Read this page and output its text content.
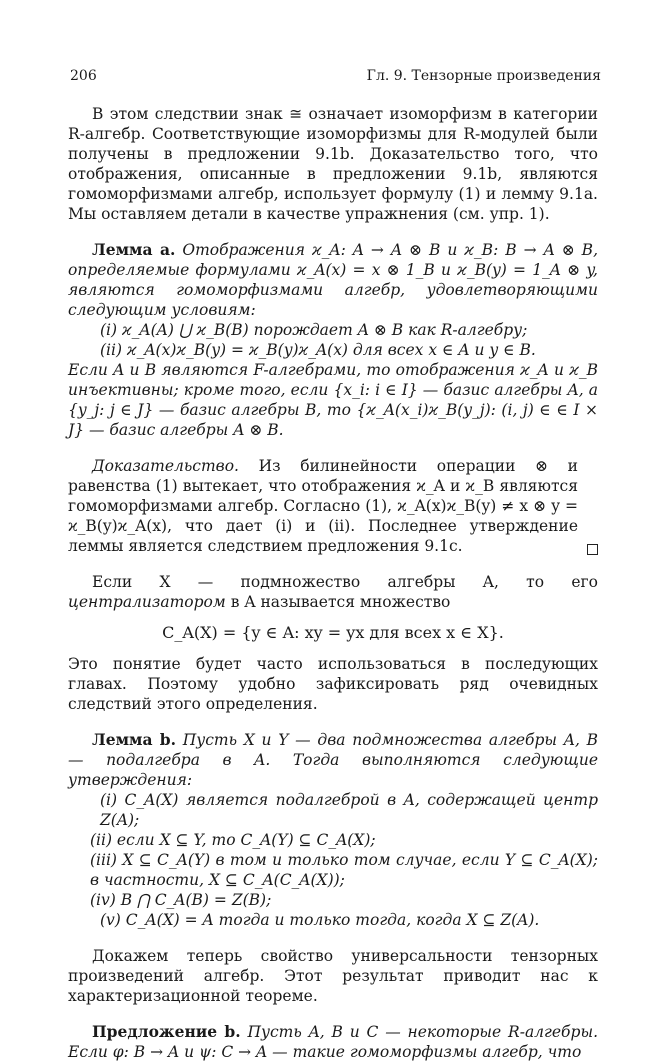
206	Гл. 9. Тензорные произведения

В этом следствии знак ≅ означает изоморфизм в категории R-алгебр. Соответствующие изоморфизмы для R-модулей были получены в предложении 9.1b. Доказательство того, что отображения, описанные в предложении 9.1b, являются гомоморфизмами алгебр, использует формулу (1) и лемму 9.1a. Мы оставляем детали в качестве упражнения (см. упр. 1).

Лемма a. Отображения ϰ_A: A → A ⊗ B и ϰ_B: B → A ⊗ B, определяемые формулами ϰ_A(x) = x ⊗ 1_B и ϰ_B(y) = 1_A ⊗ y, являются гомоморфизмами алгебр, удовлетворяющими следующим условиям:

(i) ϰ_A(A) ⋃ ϰ_B(B) порождает A ⊗ B как R-алгебру;

(ii) ϰ_A(x)ϰ_B(y) = ϰ_B(y)ϰ_A(x) для всех x ∈ A и y ∈ B.

Если A и B являются F-алгебрами, то отображения ϰ_A и ϰ_B инъективны; кроме того, если {x_i: i ∈ I} — базис алгебры A, а {y_j: j ∈ J} — базис алгебры B, то {ϰ_A(x_i)ϰ_B(y_j): (i, j) ∈ ∈ I × J} — базис алгебры A ⊗ B.

Доказательство. Из билинейности операции ⊗ и равенства (1) вытекает, что отображения ϰ_A и ϰ_B являются гомоморфизмами алгебр. Согласно (1), ϰ_A(x)ϰ_B(y) ≠ x ⊗ y = ϰ_B(y)ϰ_A(x), что дает (i) и (ii). Последнее утверждение леммы является следствием предложения 9.1c.

Если X — подмножество алгебры A, то его централизатором в A называется множество

C_A(X) = {y ∈ A: xy = yx для всех x ∈ X}.

Это понятие будет часто использоваться в последующих главах. Поэтому удобно зафиксировать ряд очевидных следствий этого определения.

Лемма b. Пусть X и Y — два подмножества алгебры A, B — подалгебра в A. Тогда выполняются следующие утверждения:

(i) C_A(X) является подалгеброй в A, содержащей центр Z(A);

(ii) если X ⊆ Y, то C_A(Y) ⊆ C_A(X);

(iii) X ⊆ C_A(Y) в том и только том случае, если Y ⊆ C_A(X); в частности, X ⊆ C_A(C_A(X));

(iv) B ⋂ C_A(B) = Z(B);

(v) C_A(X) = A тогда и только тогда, когда X ⊆ Z(A).

Докажем теперь свойство универсальности тензорных произведений алгебр. Этот результат приводит нас к характеризационной теореме.

Предложение b. Пусть A, B и C — некоторые R-алгебры. Если φ: B → A и ψ: C → A — такие гомоморфизмы алгебр, что
